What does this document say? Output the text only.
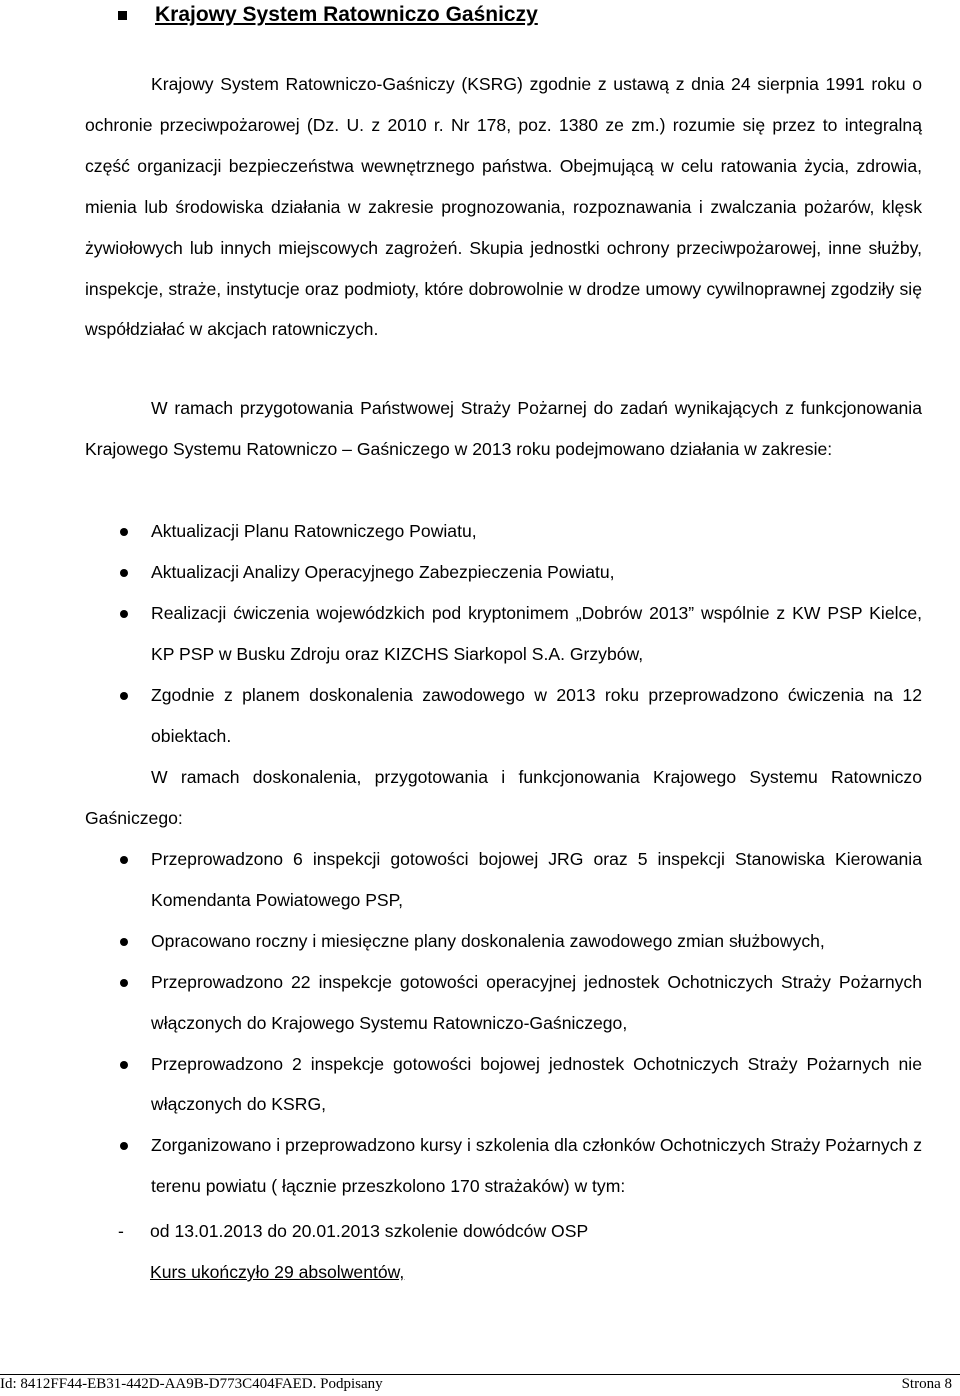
Krajowy System Ratowniczo Gaśniczy
Krajowy System Ratowniczo-Gaśniczy (KSRG) zgodnie z ustawą z dnia 24 sierpnia 1991 roku o ochronie przeciwpożarowej (Dz. U. z 2010 r. Nr 178, poz. 1380 ze zm.) rozumie się przez to integralną część organizacji bezpieczeństwa wewnętrznego państwa. Obejmującą w celu ratowania życia, zdrowia, mienia lub środowiska działania w zakresie prognozowania, rozpoznawania i zwalczania pożarów, klęsk żywiołowych lub innych miejscowych zagrożeń. Skupia jednostki ochrony przeciwpożarowej, inne służby, inspekcje, straże, instytucje oraz podmioty, które dobrowolnie w drodze umowy cywilnoprawnej zgodziły się współdziałać w akcjach ratowniczych.
W ramach przygotowania Państwowej Straży Pożarnej do zadań wynikających z funkcjonowania Krajowego Systemu Ratowniczo – Gaśniczego w 2013 roku podejmowano działania w zakresie:
Aktualizacji Planu Ratowniczego Powiatu,
Aktualizacji Analizy Operacyjnego Zabezpieczenia Powiatu,
Realizacji ćwiczenia wojewódzkich pod kryptonimem „Dobrów 2013” wspólnie z KW PSP Kielce, KP PSP w Busku Zdroju oraz KIZCHS Siarkopol S.A. Grzybów,
Zgodnie z planem doskonalenia zawodowego w 2013 roku przeprowadzono ćwiczenia na 12 obiektach.
W ramach doskonalenia, przygotowania i funkcjonowania Krajowego Systemu Ratowniczo Gaśniczego:
Przeprowadzono 6 inspekcji gotowości bojowej JRG oraz 5 inspekcji Stanowiska Kierowania Komendanta Powiatowego PSP,
Opracowano roczny i miesięczne plany doskonalenia zawodowego zmian służbowych,
Przeprowadzono 22 inspekcje gotowości operacyjnej jednostek Ochotniczych Straży Pożarnych włączonych do Krajowego Systemu Ratowniczo-Gaśniczego,
Przeprowadzono 2 inspekcje gotowości bojowej jednostek Ochotniczych Straży Pożarnych nie włączonych do KSRG,
Zorganizowano i przeprowadzono kursy i szkolenia dla członków Ochotniczych Straży Pożarnych z terenu powiatu ( łącznie przeszkolono 170 strażaków) w tym:
- od 13.01.2013 do 20.01.2013 szkolenie dowódców OSP
Kurs ukończyło 29 absolwentów,
Id: 8412FF44-EB31-442D-AA9B-D773C404FAED. Podpisany	Strona 8
